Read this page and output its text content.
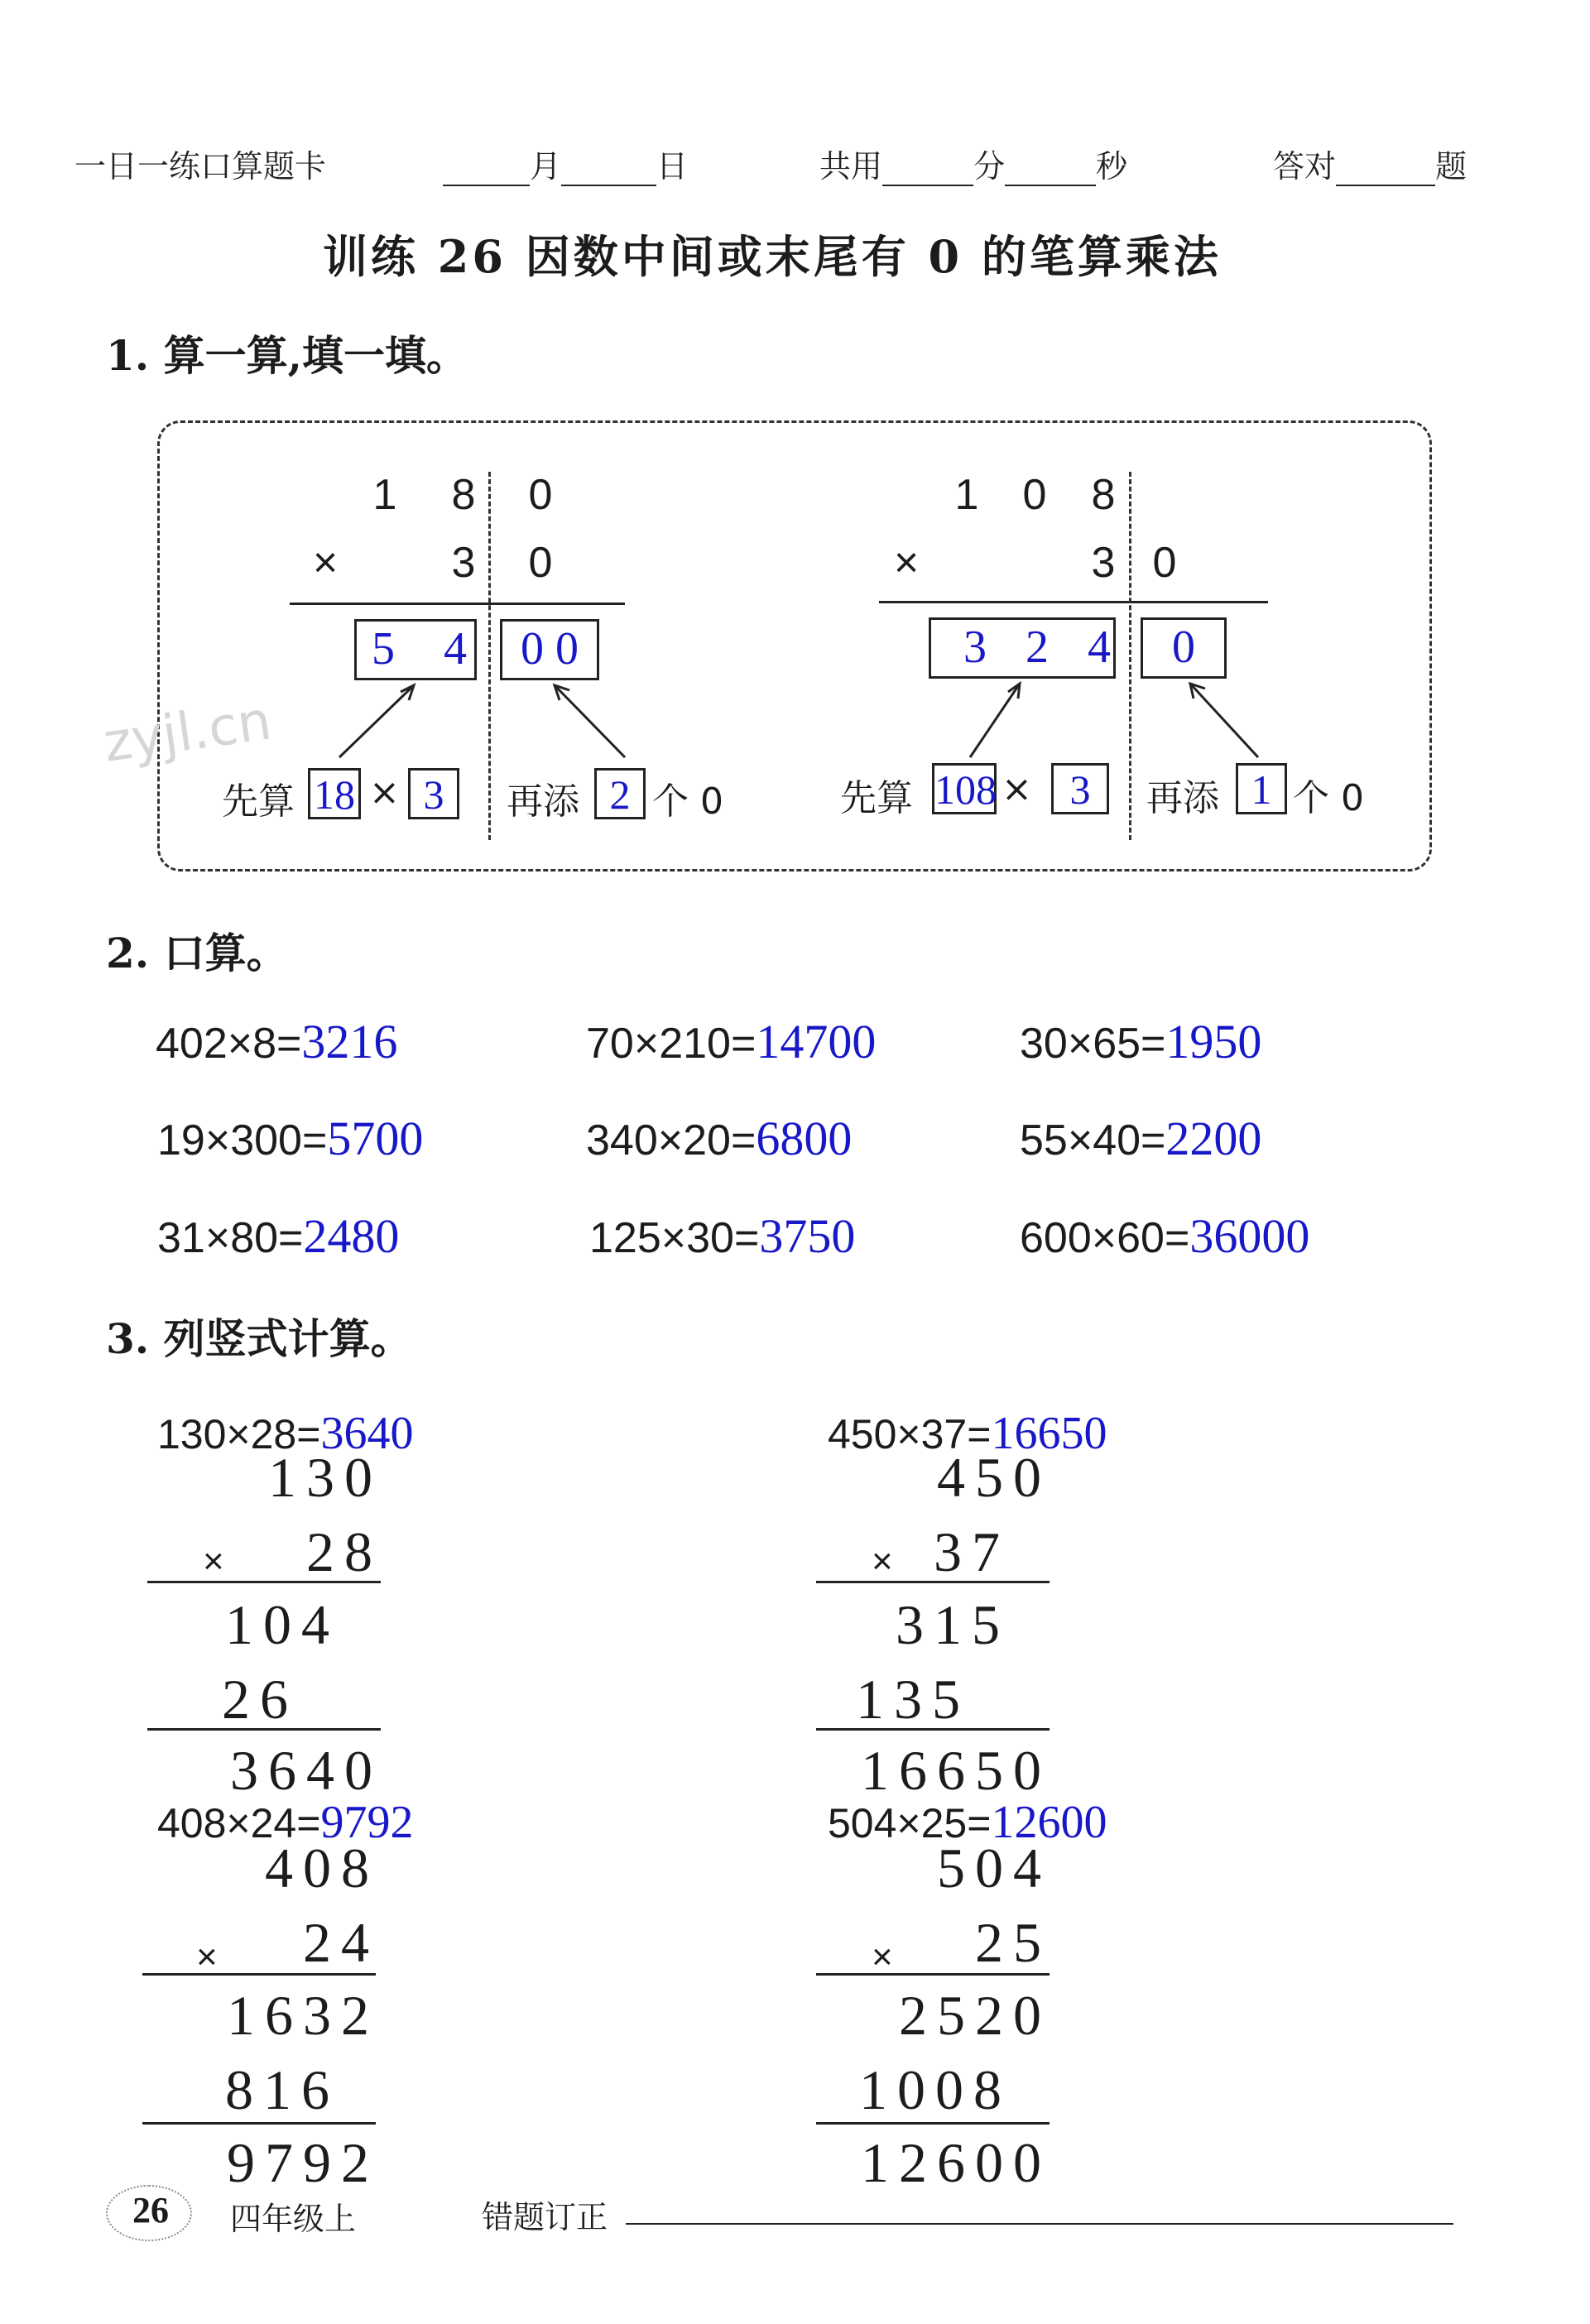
一日一练口算题卡	月	日	共用	分	秒	答对	题
训练 26 因数中间或末尾有 0 的笔算乘法
1. 算一算,填一填。
1 8 0
×	3 0
5 4	0 0
先算 18 × 3	再添 2 个 0
1 0 8
×	3 0
3 2 4	0
先算 108 × 3	再添 1 个 0
zyjl.cn
2. 口算。
402×8=3216	70×210=14700	30×65=1950
19×300=5700	340×20=6800	55×40=2200
31×80=2480	125×30=3750	600×60=36000
3. 列竖式计算。
130×28=3640
130
×	28
104
26
3640
450×37=16650
450
× 37
315
135
16650
408×24=9792
408
×	24
1632
816
9792
504×25=12600
504
×	25
2520
1008
12600
26 四年级上	错题订正
